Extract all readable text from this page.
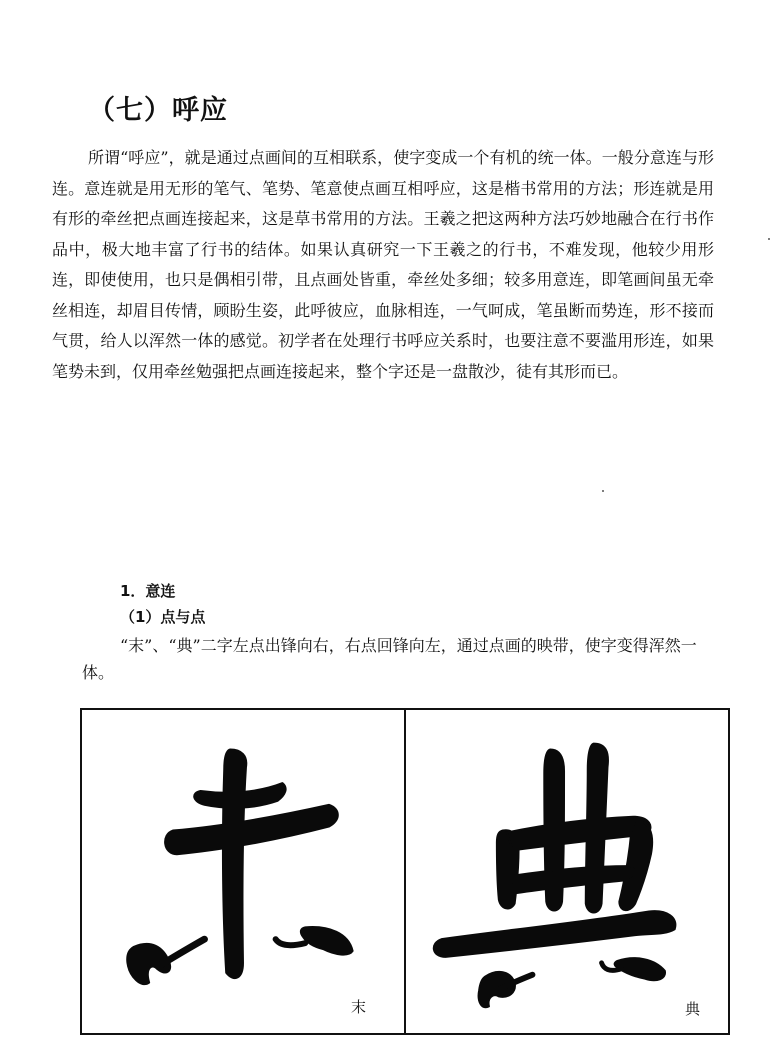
（七）呼应

所谓“呼应”，就是通过点画间的互相联系，使字变成一个有机的统一体。一般分意连与形连。意连就是用无形的笔气、笔势、笔意使点画互相呼应，这是楷书常用的方法；形连就是用有形的牵丝把点画连接起来，这是草书常用的方法。王羲之把这两种方法巧妙地融合在行书作品中，极大地丰富了行书的结体。如果认真研究一下王羲之的行书，不难发现，他较少用形连，即使使用，也只是偶相引带，且点画处皆重，牵丝处多细；较多用意连，即笔画间虽无牵丝相连，却眉目传情，顾盼生姿，此呼彼应，血脉相连，一气呵成，笔虽断而势连，形不接而气贯，给人以浑然一体的感觉。初学者在处理行书呼应关系时，也要注意不要滥用形连，如果笔势未到，仅用牵丝勉强把点画连接起来，整个字还是一盘散沙，徒有其形而已。

1．意连
（1）点与点

“末”、“典”二字左点出锋向右，右点回锋向左，通过点画的映带，使字变得浑然一体。

末	典
